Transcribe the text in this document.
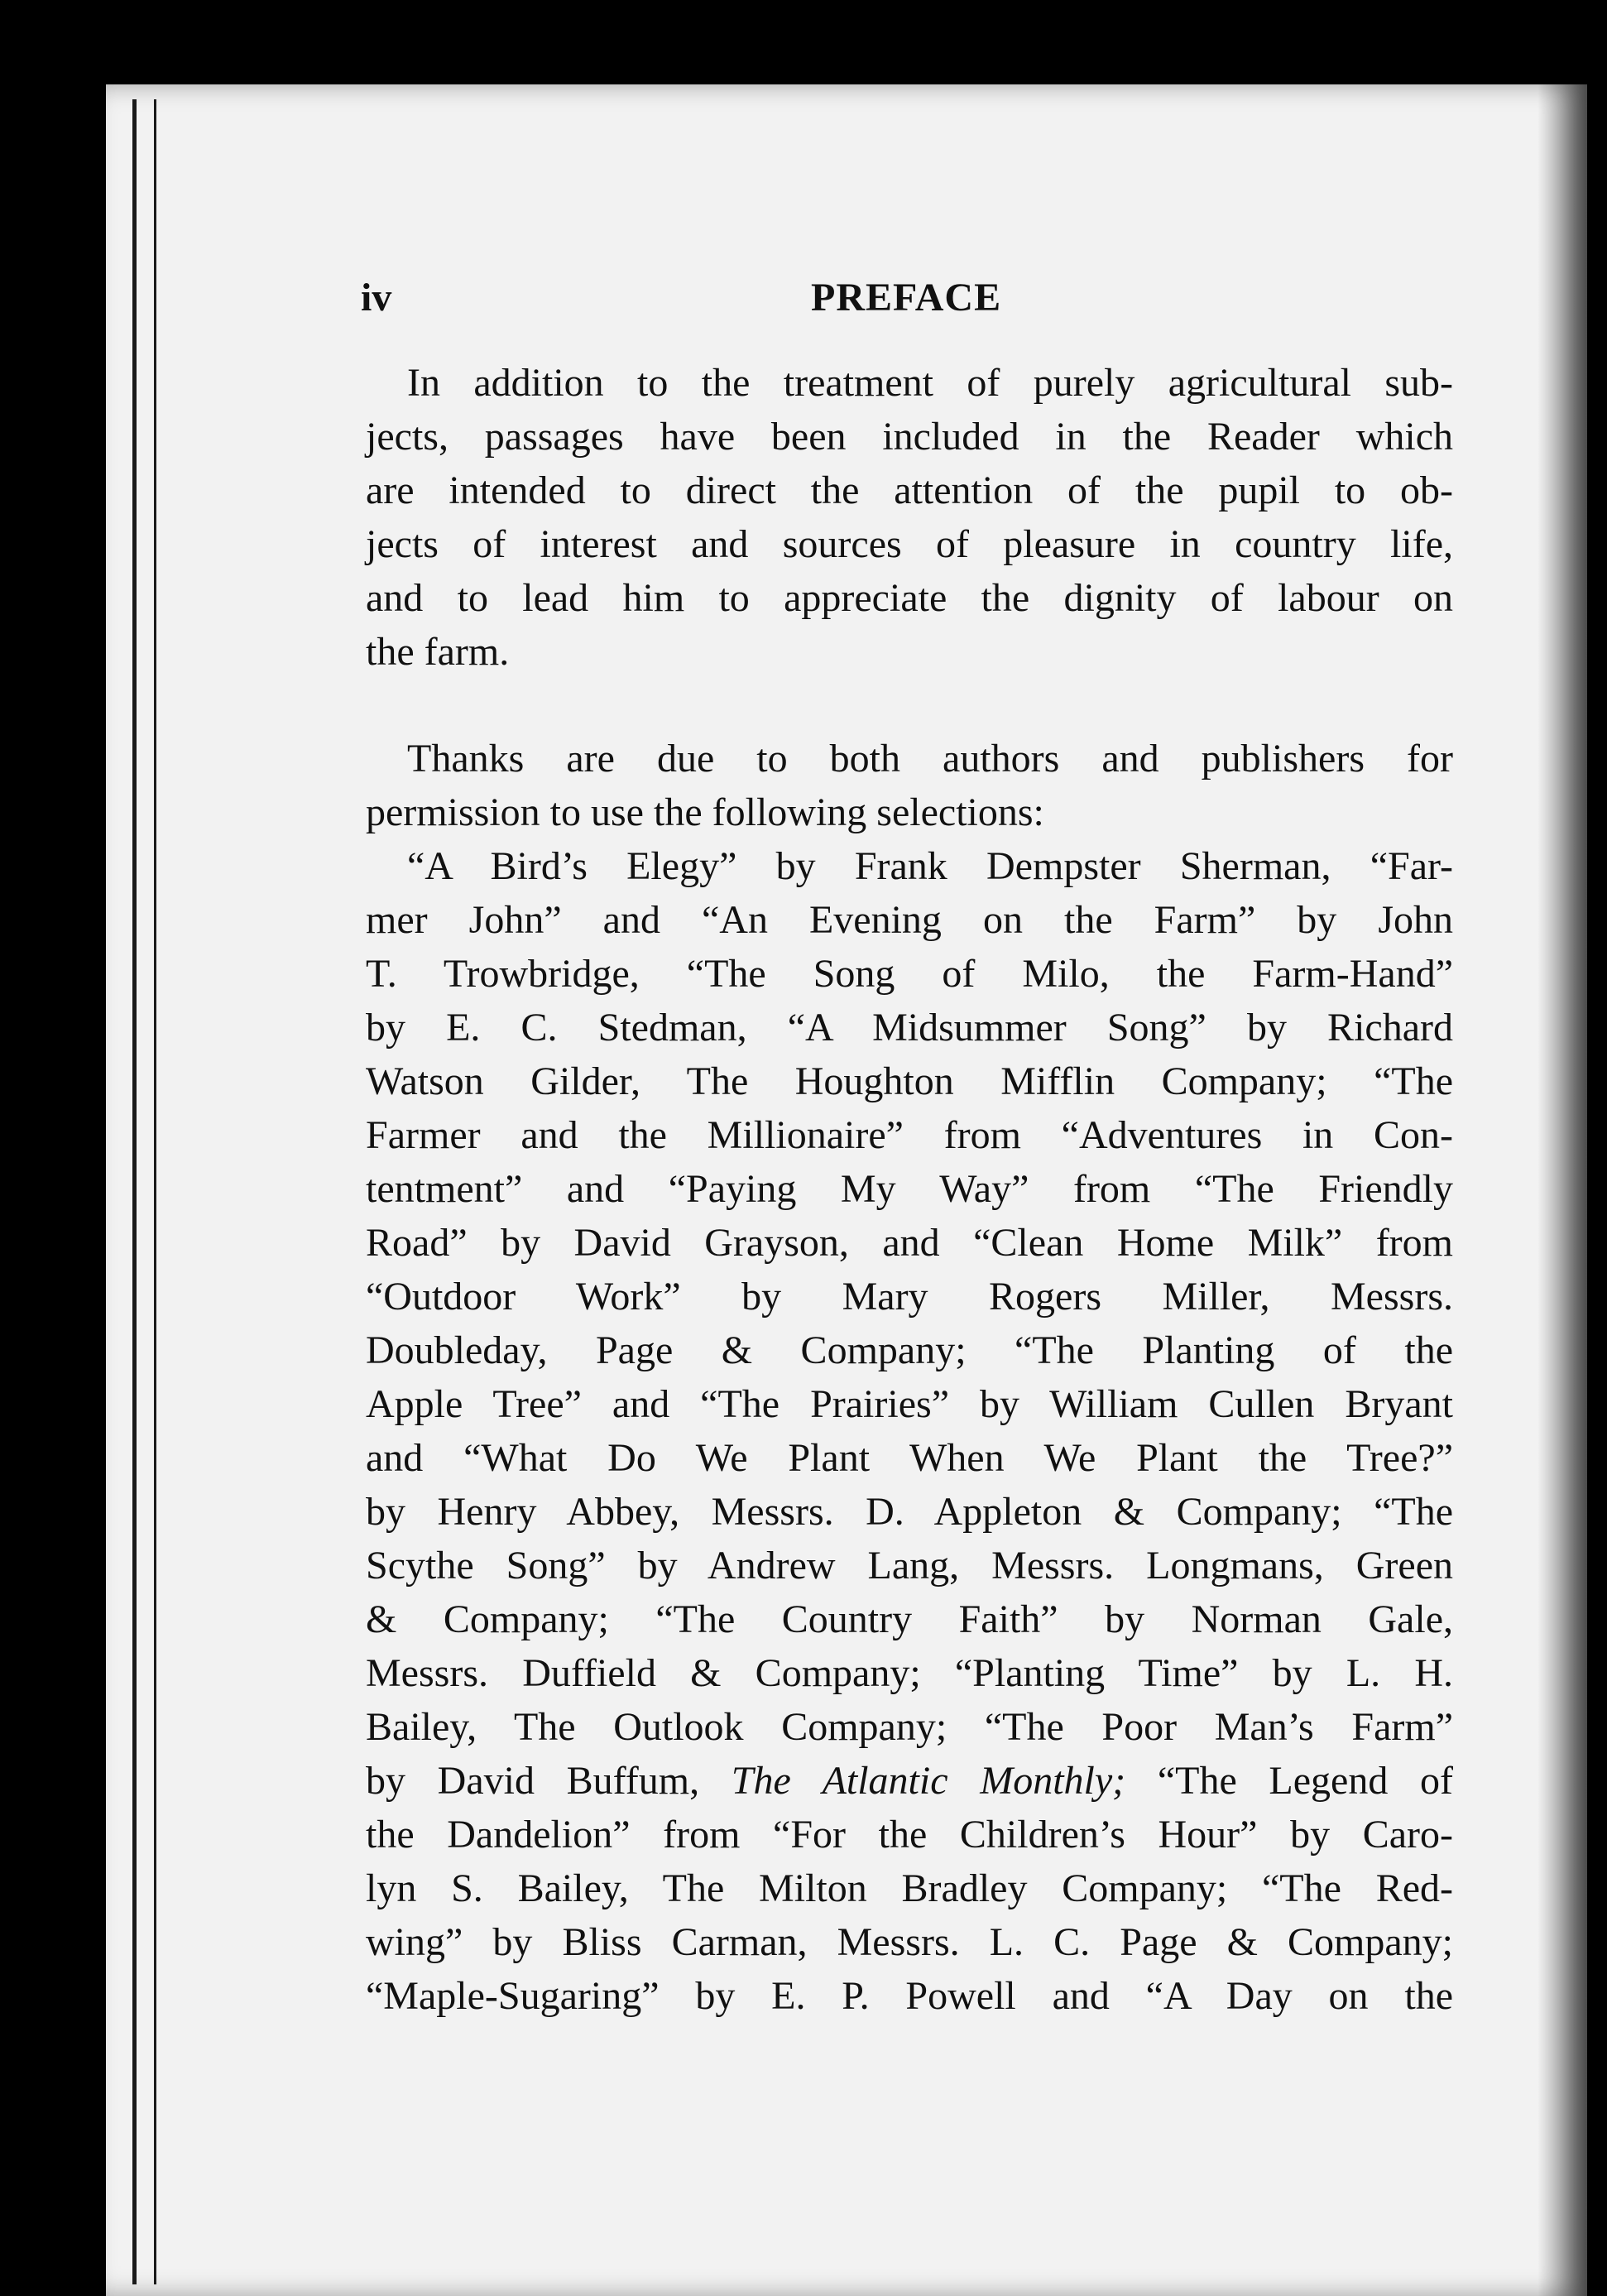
iv	PREFACE
In addition to the treatment of purely agricultural sub-
jects, passages have been included in the Reader which
are intended to direct the attention of the pupil to ob-
jects of interest and sources of pleаsure in country life,
and to lead him to appreciate the dignity of labour on
the farm.
Thanks are due to both authors and publishers for
permission to use the following selections:
“A Bird’s Elegy” by Frank Dempster Sherman, “Far-
mer John” and “An Evening on the Farm” by John
T. Trowbridge, “The Song of Milo, the Farm-Hand”
by E. C. Stedman, “A Midsummer Song” by Richard
Watson Gilder, The Houghton Mifflin Company; “The
Farmer and the Millionaire” from “Adventures in Con-
tentment” and “Paying My Way” from “The Friendly
Road” by David Grayson, and “Clean Home Milk” from
“Outdoor Work” by Mary Rogers Miller, Messrs.
Doubleday, Page & Company; “The Planting of the
Apple Tree” and “The Prairies” by William Cullen Bryant
and “What Do We Plant When We Plant the Tree?”
by Henry Abbey, Messrs. D. Appleton & Company; “The
Scythe Song” by Andrew Lang, Messrs. Longmans, Green
& Company; “The Country Faith” by Norman Gale,
Messrs. Duffield & Company; “Planting Time” by L. H.
Bailey, The Outlook Company; “The Poor Man’s Farm”
by David Buffum, The Atlantic Monthly; “The Legend of
the Dandelion” from “For the Children’s Hour” by Caro-
lyn S. Bailey, The Milton Bradley Company; “The Red-
wing” by Bliss Carman, Messrs. L. C. Page & Company;
“Maple-Sugaring” by E. P. Powell and “A Day on the
